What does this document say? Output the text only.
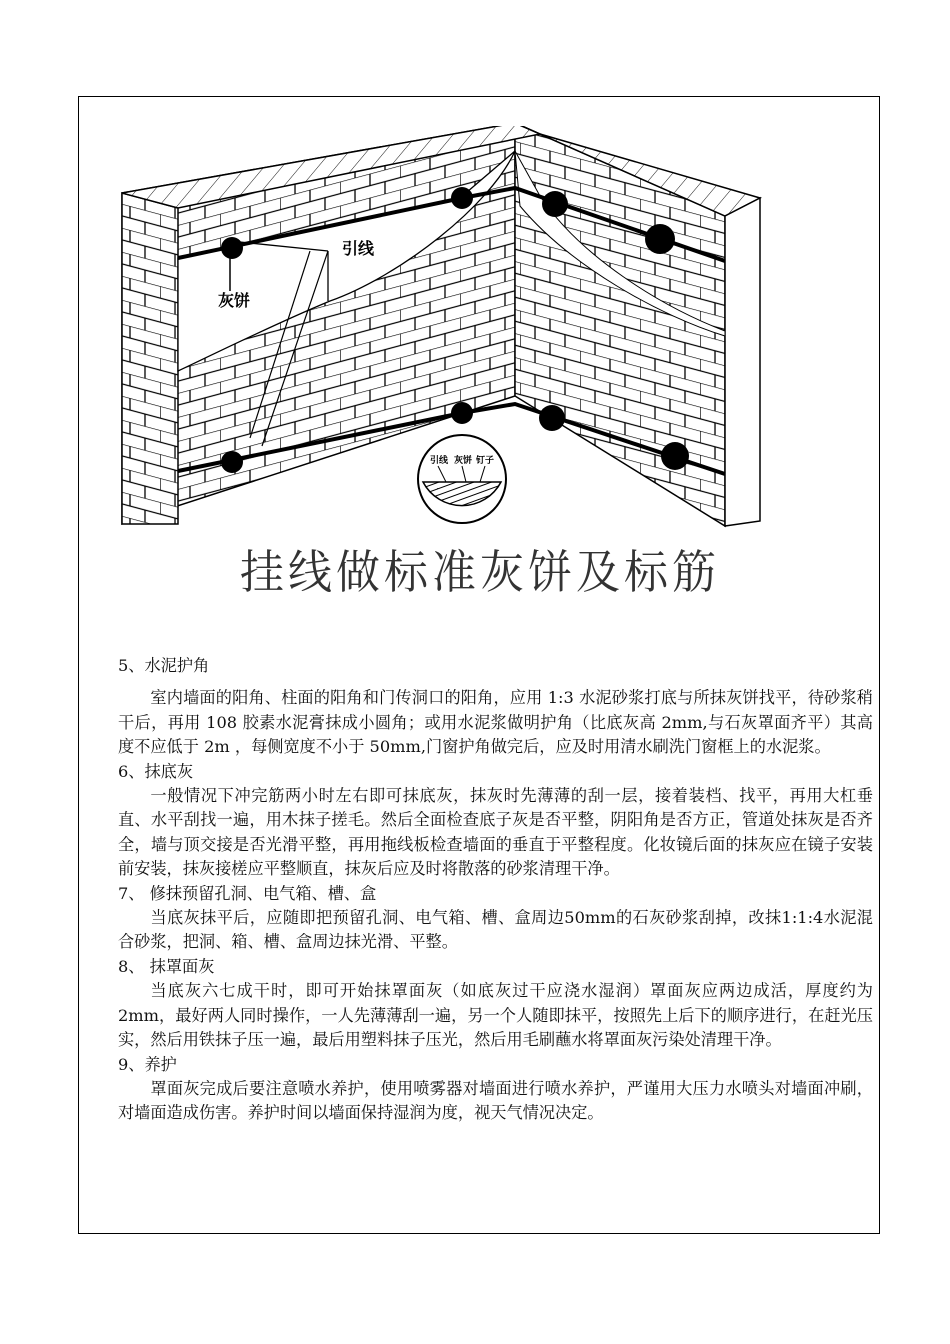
引线 灰饼 钉子
引线
灰饼
挂线做标准灰饼及标筋

5、水泥护角

室内墙面的阳角、柱面的阳角和门传洞口的阳角，应用 1:3 水泥砂浆打底与所抹灰饼找平，待砂浆稍干后，再用 108 胶素水泥膏抹成小圆角；或用水泥浆做明护角（比底灰高 2mm,与石灰罩面齐平）其高度不应低于 2m ，每侧宽度不小于 50mm,门窗护角做完后，应及时用清水刷洗门窗框上的水泥浆。

6、抹底灰

一般情况下冲完筋两小时左右即可抹底灰，抹灰时先薄薄的刮一层，接着装档、找平，再用大杠垂直、水平刮找一遍，用木抹子搓毛。然后全面检查底子灰是否平整，阴阳角是否方正，管道处抹灰是否齐全，墙与顶交接是否光滑平整，再用拖线板检查墙面的垂直于平整程度。化妆镜后面的抹灰应在镜子安装前安装，抹灰接槎应平整顺直，抹灰后应及时将散落的砂浆清理干净。

7、 修抹预留孔洞、电气箱、槽、盒

当底灰抹平后，应随即把预留孔洞、电气箱、槽、盒周边50mm的石灰砂浆刮掉，改抹1:1:4水泥混合砂浆，把洞、箱、槽、盒周边抹光滑、平整。

8、 抹罩面灰

当底灰六七成干时，即可开始抹罩面灰（如底灰过干应浇水湿润）罩面灰应两边成活，厚度约为2mm，最好两人同时操作，一人先薄薄刮一遍，另一个人随即抹平，按照先上后下的顺序进行，在赶光压实，然后用铁抹子压一遍，最后用塑料抹子压光，然后用毛刷蘸水将罩面灰污染处清理干净。

9、养护

罩面灰完成后要注意喷水养护，使用喷雾器对墙面进行喷水养护，严谨用大压力水喷头对墙面冲刷，对墙面造成伤害。养护时间以墙面保持湿润为度，视天气情况决定。
